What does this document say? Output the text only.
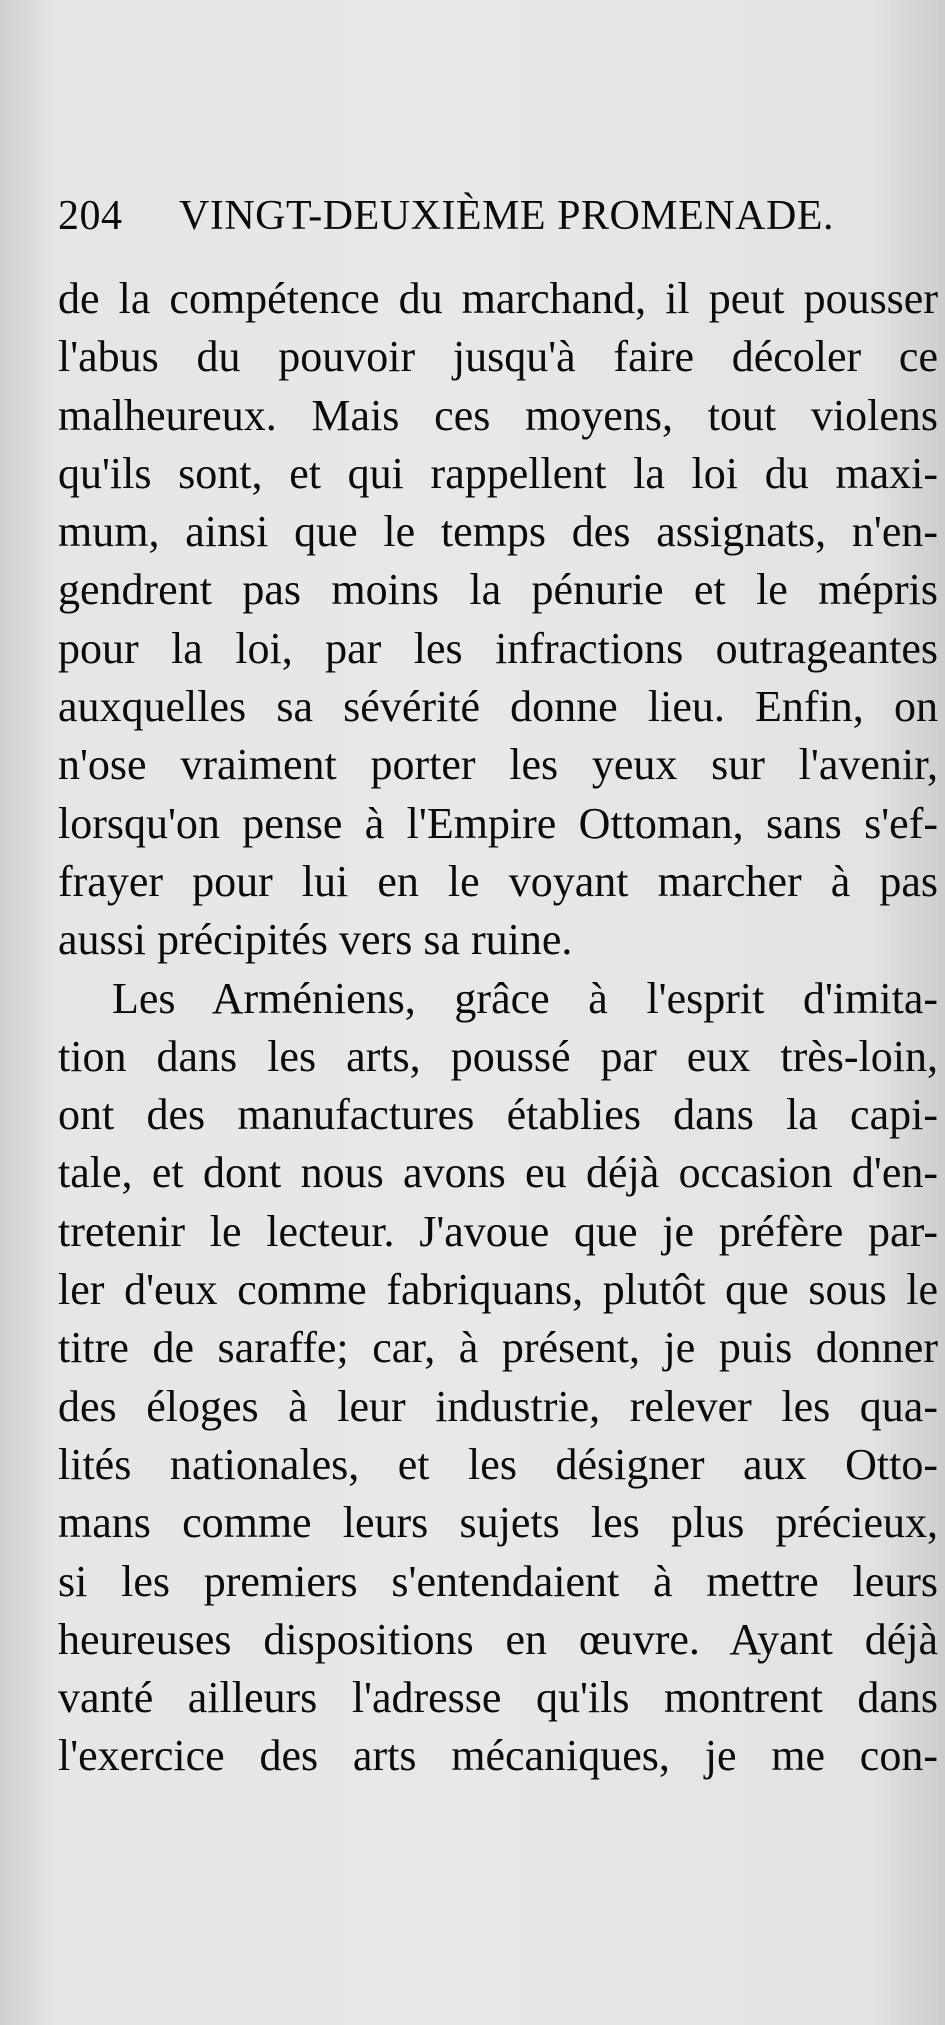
204	VINGT-DEUXIÈME PROMENADE.
de la compétence du marchand, il peut pousser
l'abus du pouvoir jusqu'à faire décoler ce
malheureux. Mais ces moyens, tout violens
qu'ils sont, et qui rappellent la loi du maxi-
mum, ainsi que le temps des assignats, n'en-
gendrent pas moins la pénurie et le mépris
pour la loi, par les infractions outrageantes
auxquelles sa sévérité donne lieu. Enfin, on
n'ose vraiment porter les yeux sur l'avenir,
lorsqu'on pense à l'Empire Ottoman, sans s'ef-
frayer pour lui en le voyant marcher à pas
aussi précipités vers sa ruine.
Les Arméniens, grâce à l'esprit d'imita-
tion dans les arts, poussé par eux très-loin,
ont des manufactures établies dans la capi-
tale, et dont nous avons eu déjà occasion d'en-
tretenir le lecteur. J'avoue que je préfère par-
ler d'eux comme fabriquans, plutôt que sous le
titre de saraffe; car, à présent, je puis donner
des éloges à leur industrie, relever les qua-
lités nationales, et les désigner aux Otto-
mans comme leurs sujets les plus précieux,
si les premiers s'entendaient à mettre leurs
heureuses dispositions en œuvre. Ayant déjà
vanté ailleurs l'adresse qu'ils montrent dans
l'exercice des arts mécaniques, je me con-
